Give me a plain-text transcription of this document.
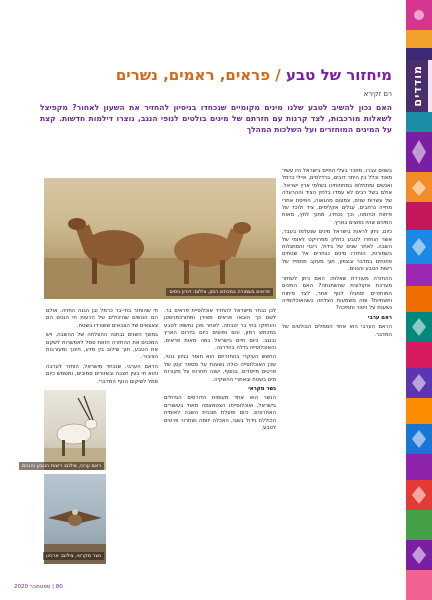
מודדים
מיחזור של טבע / פראים, ראמים, נשרים
רם זקירא
האם נכון להשיב לטבע שלנו מינים מקומיים שנכחדו בניסיון להחזיר את השעון לאחור? מקפיצל לשאלות מורכבות, לצד קרנות עם חזרתם של מינים בולטים לנופי הנגב, נוצרו דילמות חדשות. קצת על המינים המוחזרים ועל השלכות המהלך
פראים בשמורה במכתש רמון, צילום: דורון ניסים
בשנים עברו, מוזכר בעלי החיים בישראל היו עשיר מאוד וכלל בין היתר דובים, ברדלסים, איילי כרמל ואנשים ומתחלפו במחוזותינו בשלמי ארץ ישראל. אולם בשל רבים לא עמדו בלחץ הציד וההרעלה של עשרות שנים, צמצום מהגאוה, הפיסת אתרי מחייה נרחבים, עגלים אקלימים, ציד ולוכד של פיתוח וכדומה, וכך נכחדו, מתוך לחץ, מאות המינים שהיו נפוצים בארץ.
כיום, ניתן לראות בישראל מינים שנעלמו בעבר, אשר הוחזרו לטבע כחלק מפרויקט לאומי של השבה. לאחר שנים של גידול, ריבוי והסתגלות בשמורות, הוחזרו מינים נבחרים אל שטחים פתוחים במדבר ובצפון, תוך מעקב מתמיד של רשות הטבע והגנים.
ההחזרה מעוררת שאלות: האם ניתן לשחזר מערכת אקולוגית שהשתנתה? האם המינים המוחזרים יסתגלו לנוף אחר, לצד פיתוח ותשתיות? ומה משמעות הצלחה כשהאוכלוסייה נשענת על ניטור ותמיכה?
ראם ערבי
הראם הערבי הוא אחד הסמלים הבולטים של המדבר.
לכן נבחר מישראל להחזיר אוכלוסיית פראים בר. לשם כך הובאו פראים מאירן ומתורכמניסטן והוחזקו בחי בר יטבתה. לאחר מכן נחשפו לטבע במכתש רמון, והם נפוצים כיום בדרום הארץ ובנגב. כיום חיים בישראל כמה מאות פראים, והאוכלוסייה גדלה בהדרגה.
החשש העיקרי בהחזרתם הוא חוסר בגיוון גנטי, שכן האוכלוסייה כולה נשענת על מספר קטן של פרטים מייסדים. בנוסף, ישנה תחרות על מקורות מים בשטח ובאתרי ההשקיה.
נשר מקראי
הנשר הוא אחד מעופות הדורסים הגדולים בישראל, ואוכלוסייתו הצטמצמה מאוד בעשורים האחרונים. כיום פועלת תוכנית השבה לאומית הכוללת גידול בשבי, האכלה יזומה ושחרור פרטים לטבע.
חי שהוחזר בחי-בר כרמל ובן הגנה החזיה. אולם הם הוגשים שהיכולים של הרעות חי הגנים הם צאצאים של הצבאים ששורדו בשטח.
במשך השנים נבחנה ההצלחה של ההשבה, ויש המכנים את ההחזרה הזאת סמל לאפשרות לשקם את הטבע, תוך שילוב בין מדע, חינוך ומעורבות הציבור.
הראם הערבי, שנכחד מישראל, הוחזר לערבה והוא חי בעין חצבה ובאזורים סמוכים, ומשמש כיום סמל לשיקום הנוף המדברי.
ראם ערבי, צילום: רשות הטבע והגנים
נשר מקראי, צילום: ארכיון
80 | ספטמבר 2020
